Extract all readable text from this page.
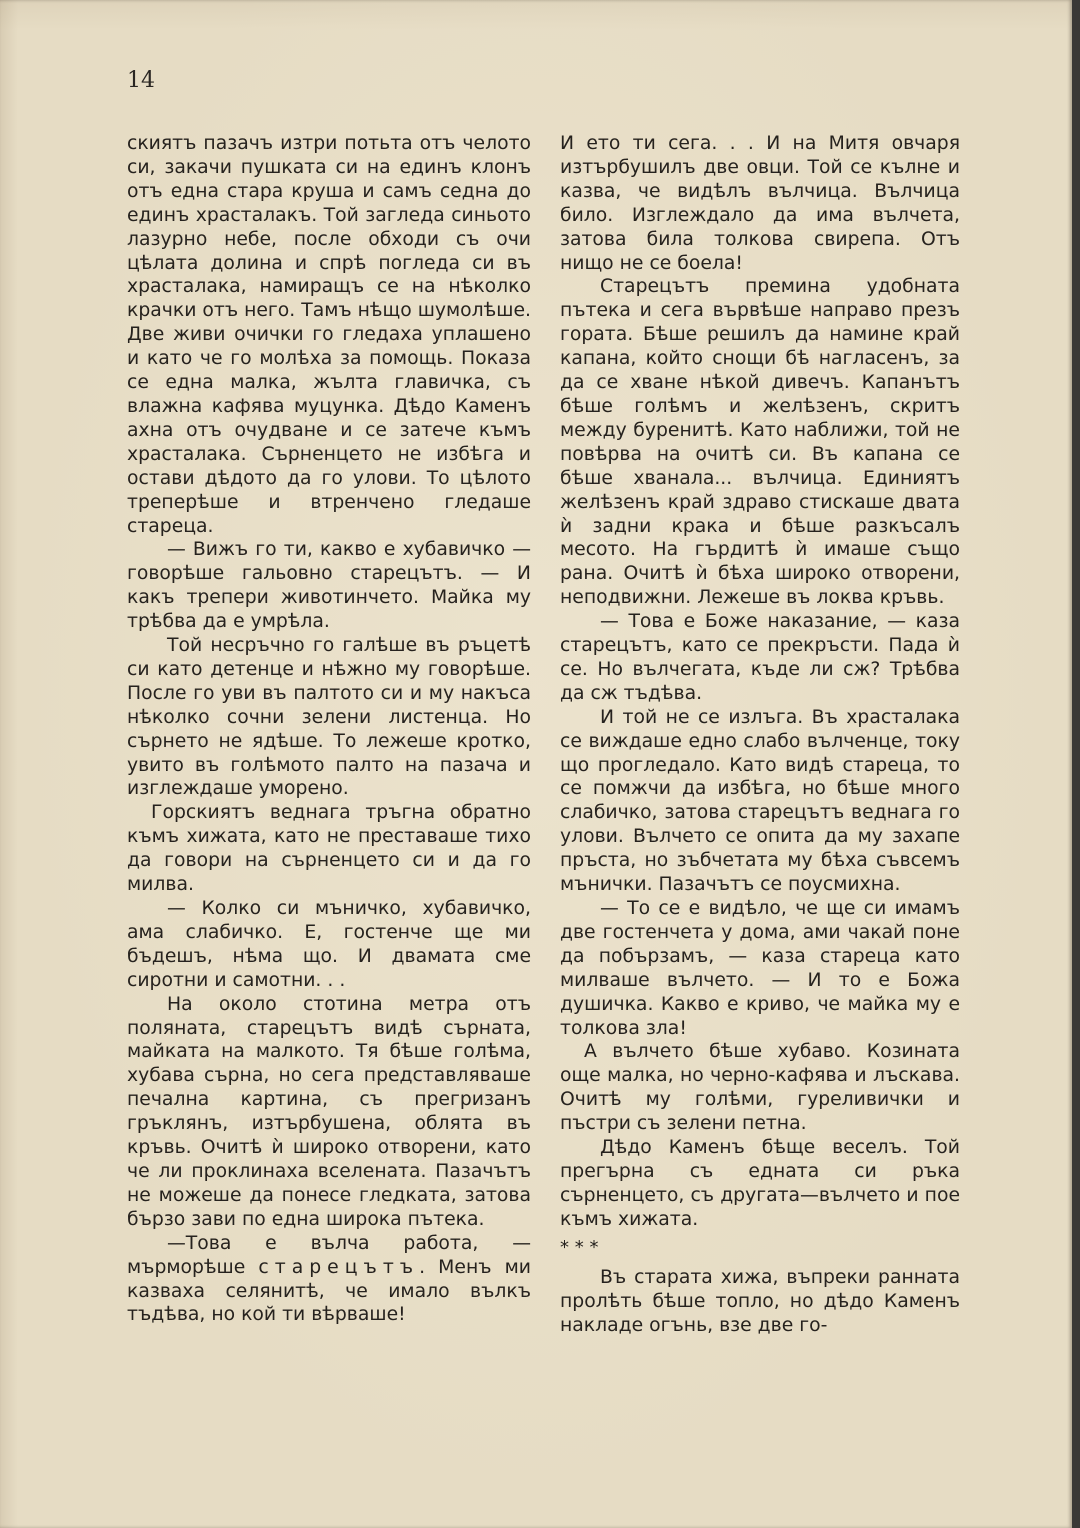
14

скиятъ пазачъ изтри потьта отъ челото си, закачи пушката си на единъ клонъ отъ една стара круша и самъ седна до единъ храсталакъ. Той загледа синьото лазурно небе, после обходи съ очи цѣлата долина и спрѣ погледа си въ храсталака, намиращъ се на нѣколко крачки отъ него. Тамъ нѣщо шумолѣше. Две живи очички го гледаха уплашено и като че го молѣха за помощь. Показа се една малка, жълта главичка, съ влажна кафява муцунка. Дѣдо Каменъ ахна отъ очудване и се затече къмъ храсталака. Сърненцето не избѣга и остави дѣдото да го улови. То цѣлото треперѣше и втренчено гледаше стареца.

— Вижъ го ти, какво е хубавичко — говорѣше гальовно старецътъ. — И какъ трепери животинчето. Майка му трѣбва да е умрѣла.

Той несръчно го галѣше въ ръцетѣ си като детенце и нѣжно му говорѣше. После го уви въ палтото си и му накъса нѣколко сочни зелени листенца. Но сърнето не ядѣше. То лежеше кротко, увито въ голѣмото палто на пазача и изглеждаше уморено.

Горскиятъ веднага тръгна обратно къмъ хижата, като не преставаше тихо да говори на сърненцето си и да го милва.

— Колко си мъничко, хубавичко, ама слабичко. Е, гостенче ще ми бъдешъ, нѣма що. И двамата сме сиротни и самотни. . .

На около стотина метра отъ поляната, старецътъ видѣ сърната, майката на малкото. Тя бѣше голѣма, хубава сърна, но сега представляваше печална картина, съ прегризанъ гръклянъ, изтърбушена, облята въ кръвь. Очитѣ ѝ широко отворени, като че ли проклинаха вселената. Пазачътъ не можеше да понесе гледката, затова бързо зави по една широка пътека.

—Това е вълча работа, — мърморѣше старецътъ. Менъ ми казваха селянитѣ, че имало вълкъ тъдѣва, но кой ти вѣрваше!

И ето ти сега. . . И на Митя овчаря изтърбушилъ две овци. Той се кълне и казва, че видѣлъ вълчица. Вълчица било. Изглеждало да има вълчета, затова била толкова свирепа. Отъ нищо не се боела!

Старецътъ премина удобната пътека и сега вървѣше направо презъ гората. Бѣше решилъ да намине край капана, който снощи бѣ нагласенъ, за да се хване нѣкой дивечъ. Капанътъ бѣше голѣмъ и желѣзенъ, скритъ между буренитѣ. Като наближи, той не повѣрва на очитѣ си. Въ капана се бѣше хванала... вълчица. Единиятъ желѣзенъ край здраво стискаше двата ѝ задни крака и бѣше разкъсалъ месото. На гърдитѣ ѝ имаше също рана. Очитѣ ѝ бѣха широко отворени, неподвижни. Лежеше въ локва кръвь.

— Това е Боже наказание, — каза старецътъ, като се прекръсти. Пада ѝ се. Но вълчегата, къде ли сж? Трѣбва да сж тъдѣва.

И той не се излъга. Въ храсталака се виждаше едно слабо вълченце, току що прогледало. Като видѣ стареца, то се помжчи да избѣга, но бѣше много слабичко, затова старецътъ веднага го улови. Вълчето се опита да му захапе пръста, но зъбчетата му бѣха съвсемъ мънички. Пазачътъ се поусмихна.

— То се е видѣло, че ще си имамъ две гостенчета у дома, ами чакай поне да побързамъ, — каза стареца като милваше вълчето. — И то е Божа душичка. Какво е криво, че майка му е толкова зла!

А вълчето бѣше хубаво. Козината още малка, но черно-кафява и лъскава. Очитѣ му голѣми, гуреливички и пъстри съ зелени петна.

Дѣдо Каменъ бѣще веселъ. Той прегърна съ едната си ръка сърненцето, съ другата—вълчето и пое къмъ хижата.

* * *

Въ старата хижа, въпреки ранната пролѣть бѣше топло, но дѣдо Каменъ накладе огънь, взе две го-
